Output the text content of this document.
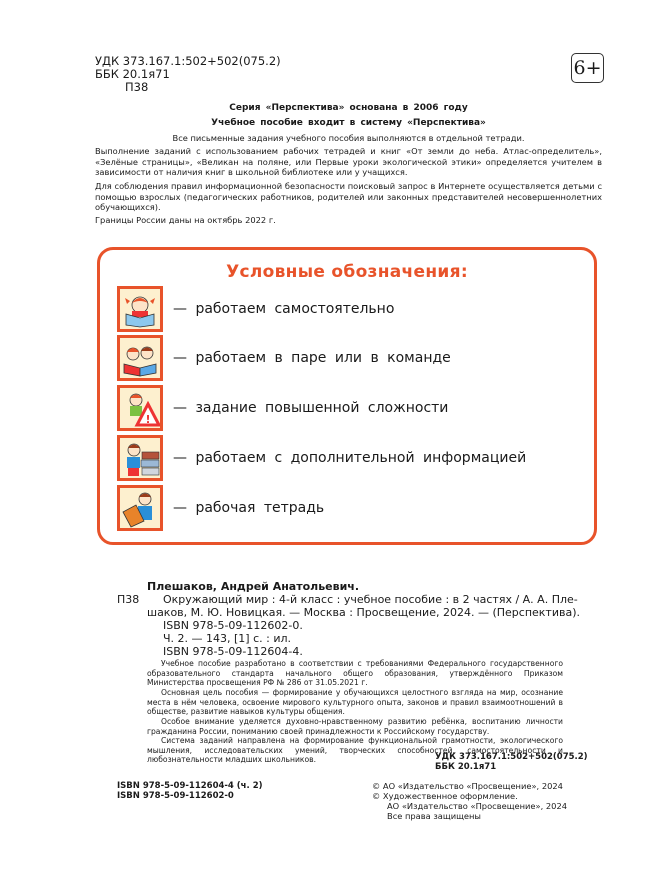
УДК 373.167.1:502+502(075.2)
ББК 20.1я71
П38
6+
Серия «Перспектива» основана в 2006 году
Учебное пособие входит в систему «Перспектива»
Все письменные задания учебного пособия выполняются в отдельной тетради.
Выполнение заданий с использованием рабочих тетрадей и книг «От земли до неба. Атлас-определитель», «Зелёные страницы», «Великан на поляне, или Первые уроки экологической этики» определяется учителем в зависимости от наличия книг в школьной библиотеке или у учащихся.
Для соблюдения правил информационной безопасности поисковый запрос в Интернете осуществляется детьми с помощью взрослых (педагогических работников, родителей или законных представителей несовершеннолетних обучающихся).
Границы России даны на октябрь 2022 г.
Условные обозначения:
— работаем самостоятельно
— работаем в паре или в команде
!
— задание повышенной сложности
— работаем с дополнительной информацией
— рабочая тетрадь
Плешаков, Андрей Анатольевич.
П38 Окружающий мир : 4-й класс : учебное пособие : в 2 частях / А. А. Пле-
шаков, М. Ю. Новицкая. — Москва : Просвещение, 2024. — (Перспектива).
ISBN 978-5-09-112602-0.
Ч. 2. — 143, [1] с. : ил.
ISBN 978-5-09-112604-4.
Учебное пособие разработано в соответствии с требованиями Федерального государственного образовательного стандарта начального общего образования, утверждённого Приказом Министерства просвещения РФ № 286 от 31.05.2021 г.
Основная цель пособия — формирование у обучающихся целостного взгляда на мир, осознание места в нём человека, освоение мирового культурного опыта, законов и правил взаимоотношений в обществе, развитие навыков культуры общения.
Особое внимание уделяется духовно-нравственному развитию ребёнка, воспитанию личности гражданина России, пониманию своей принадлежности к Российскому государству.
Система заданий направлена на формирование функциональной грамотности, экологического мышления, исследовательских умений, творческих способностей, самостоятельности и любознательности младших школьников.	УДК 373.167.1:502+502(075.2)
ББК 20.1я71
ISBN 978-5-09-112604-4 (ч. 2)
ISBN 978-5-09-112602-0
© АО «Издательство «Просвещение», 2024
© Художественное оформление.
АО «Издательство «Просвещение», 2024
Все права защищены
